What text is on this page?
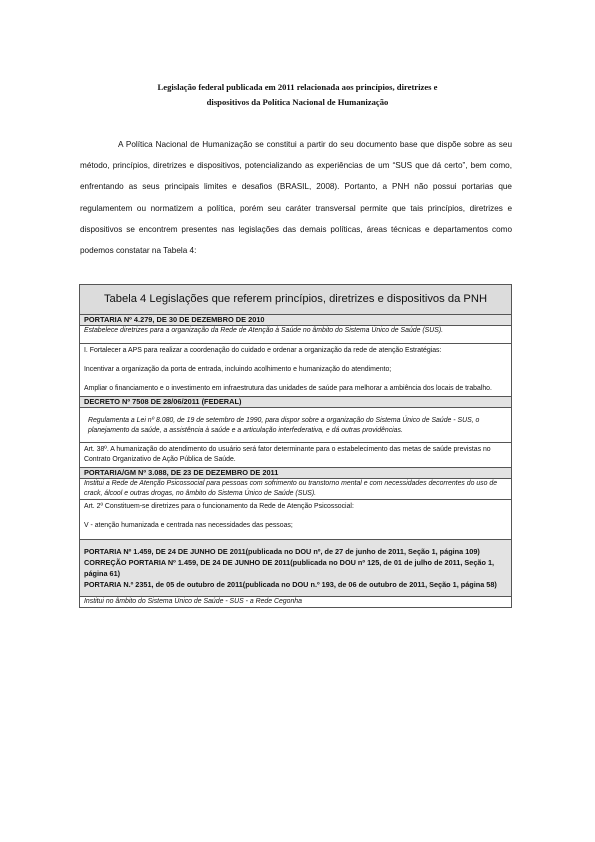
Legislação federal publicada em 2011 relacionada aos princípios, diretrizes e
dispositivos da Política Nacional de Humanização

A Política Nacional de Humanização se constitui a partir do seu documento base que dispõe sobre as seu método, princípios, diretrizes e dispositivos, potencializando as experiências de um “SUS que dá certo”, bem como, enfrentando as seus principais limites e desafios (BRASIL, 2008). Portanto, a PNH não possui portarias que regulamentem ou normatizem a política, porém seu caráter transversal permite que tais princípios, diretrizes e dispositivos se encontrem presentes nas legislações das demais políticas, áreas técnicas e departamentos como podemos constatar na Tabela 4:

Tabela 4 Legislações que referem princípios, diretrizes e dispositivos da PNH
PORTARIA Nº 4.279, DE 30 DE DEZEMBRO DE 2010
Estabelece diretrizes para a organização da Rede de Atenção à Saúde no âmbito do Sistema Único de Saúde (SUS).

I. Fortalecer a APS para realizar a coordenação do cuidado e ordenar a organização da rede de atenção Estratégias:

Incentivar a organização da porta de entrada, incluindo acolhimento e humanização do atendimento;

Ampliar o financiamento e o investimento em infraestrutura das unidades de saúde para melhorar a ambiência dos locais de trabalho.

DECRETO Nº 7508 DE 28/06/2011 (FEDERAL)
Regulamenta a Lei nº 8.080, de 19 de setembro de 1990, para dispor sobre a organização do Sistema Único de Saúde - SUS, o planejamento da saúde, a assistência à saúde e a articulação interfederativa, e dá outras providências.

Art. 38º. A humanização do atendimento do usuário será fator determinante para o estabelecimento das metas de saúde previstas no Contrato Organizativo de Ação Pública de Saúde.

PORTARIA/GM Nº 3.088, DE 23 DE DEZEMBRO DE 2011
Institui a Rede de Atenção Psicossocial para pessoas com sofrimento ou transtorno mental e com necessidades decorrentes do uso de crack, álcool e outras drogas, no âmbito do Sistema Único de Saúde (SUS).

Art. 2º Constituem-se diretrizes para o funcionamento da Rede de Atenção Psicossocial:

V - atenção humanizada e centrada nas necessidades das pessoas;

PORTARIA Nº 1.459, DE 24 DE JUNHO DE 2011(publicada no DOU nº, de 27 de junho de 2011, Seção 1, página 109)

CORREÇÃO PORTARIA Nº 1.459, DE 24 DE JUNHO DE 2011(publicada no DOU nº 125, de 01 de julho de 2011, Seção 1, página 61)

PORTARIA N.º 2351, de 05 de outubro de 2011(publicada no DOU n.º 193, de 06 de outubro de 2011, Seção 1, página 58)

Institui no âmbito do Sistema Único de Saúde - SUS - a Rede Cegonha
